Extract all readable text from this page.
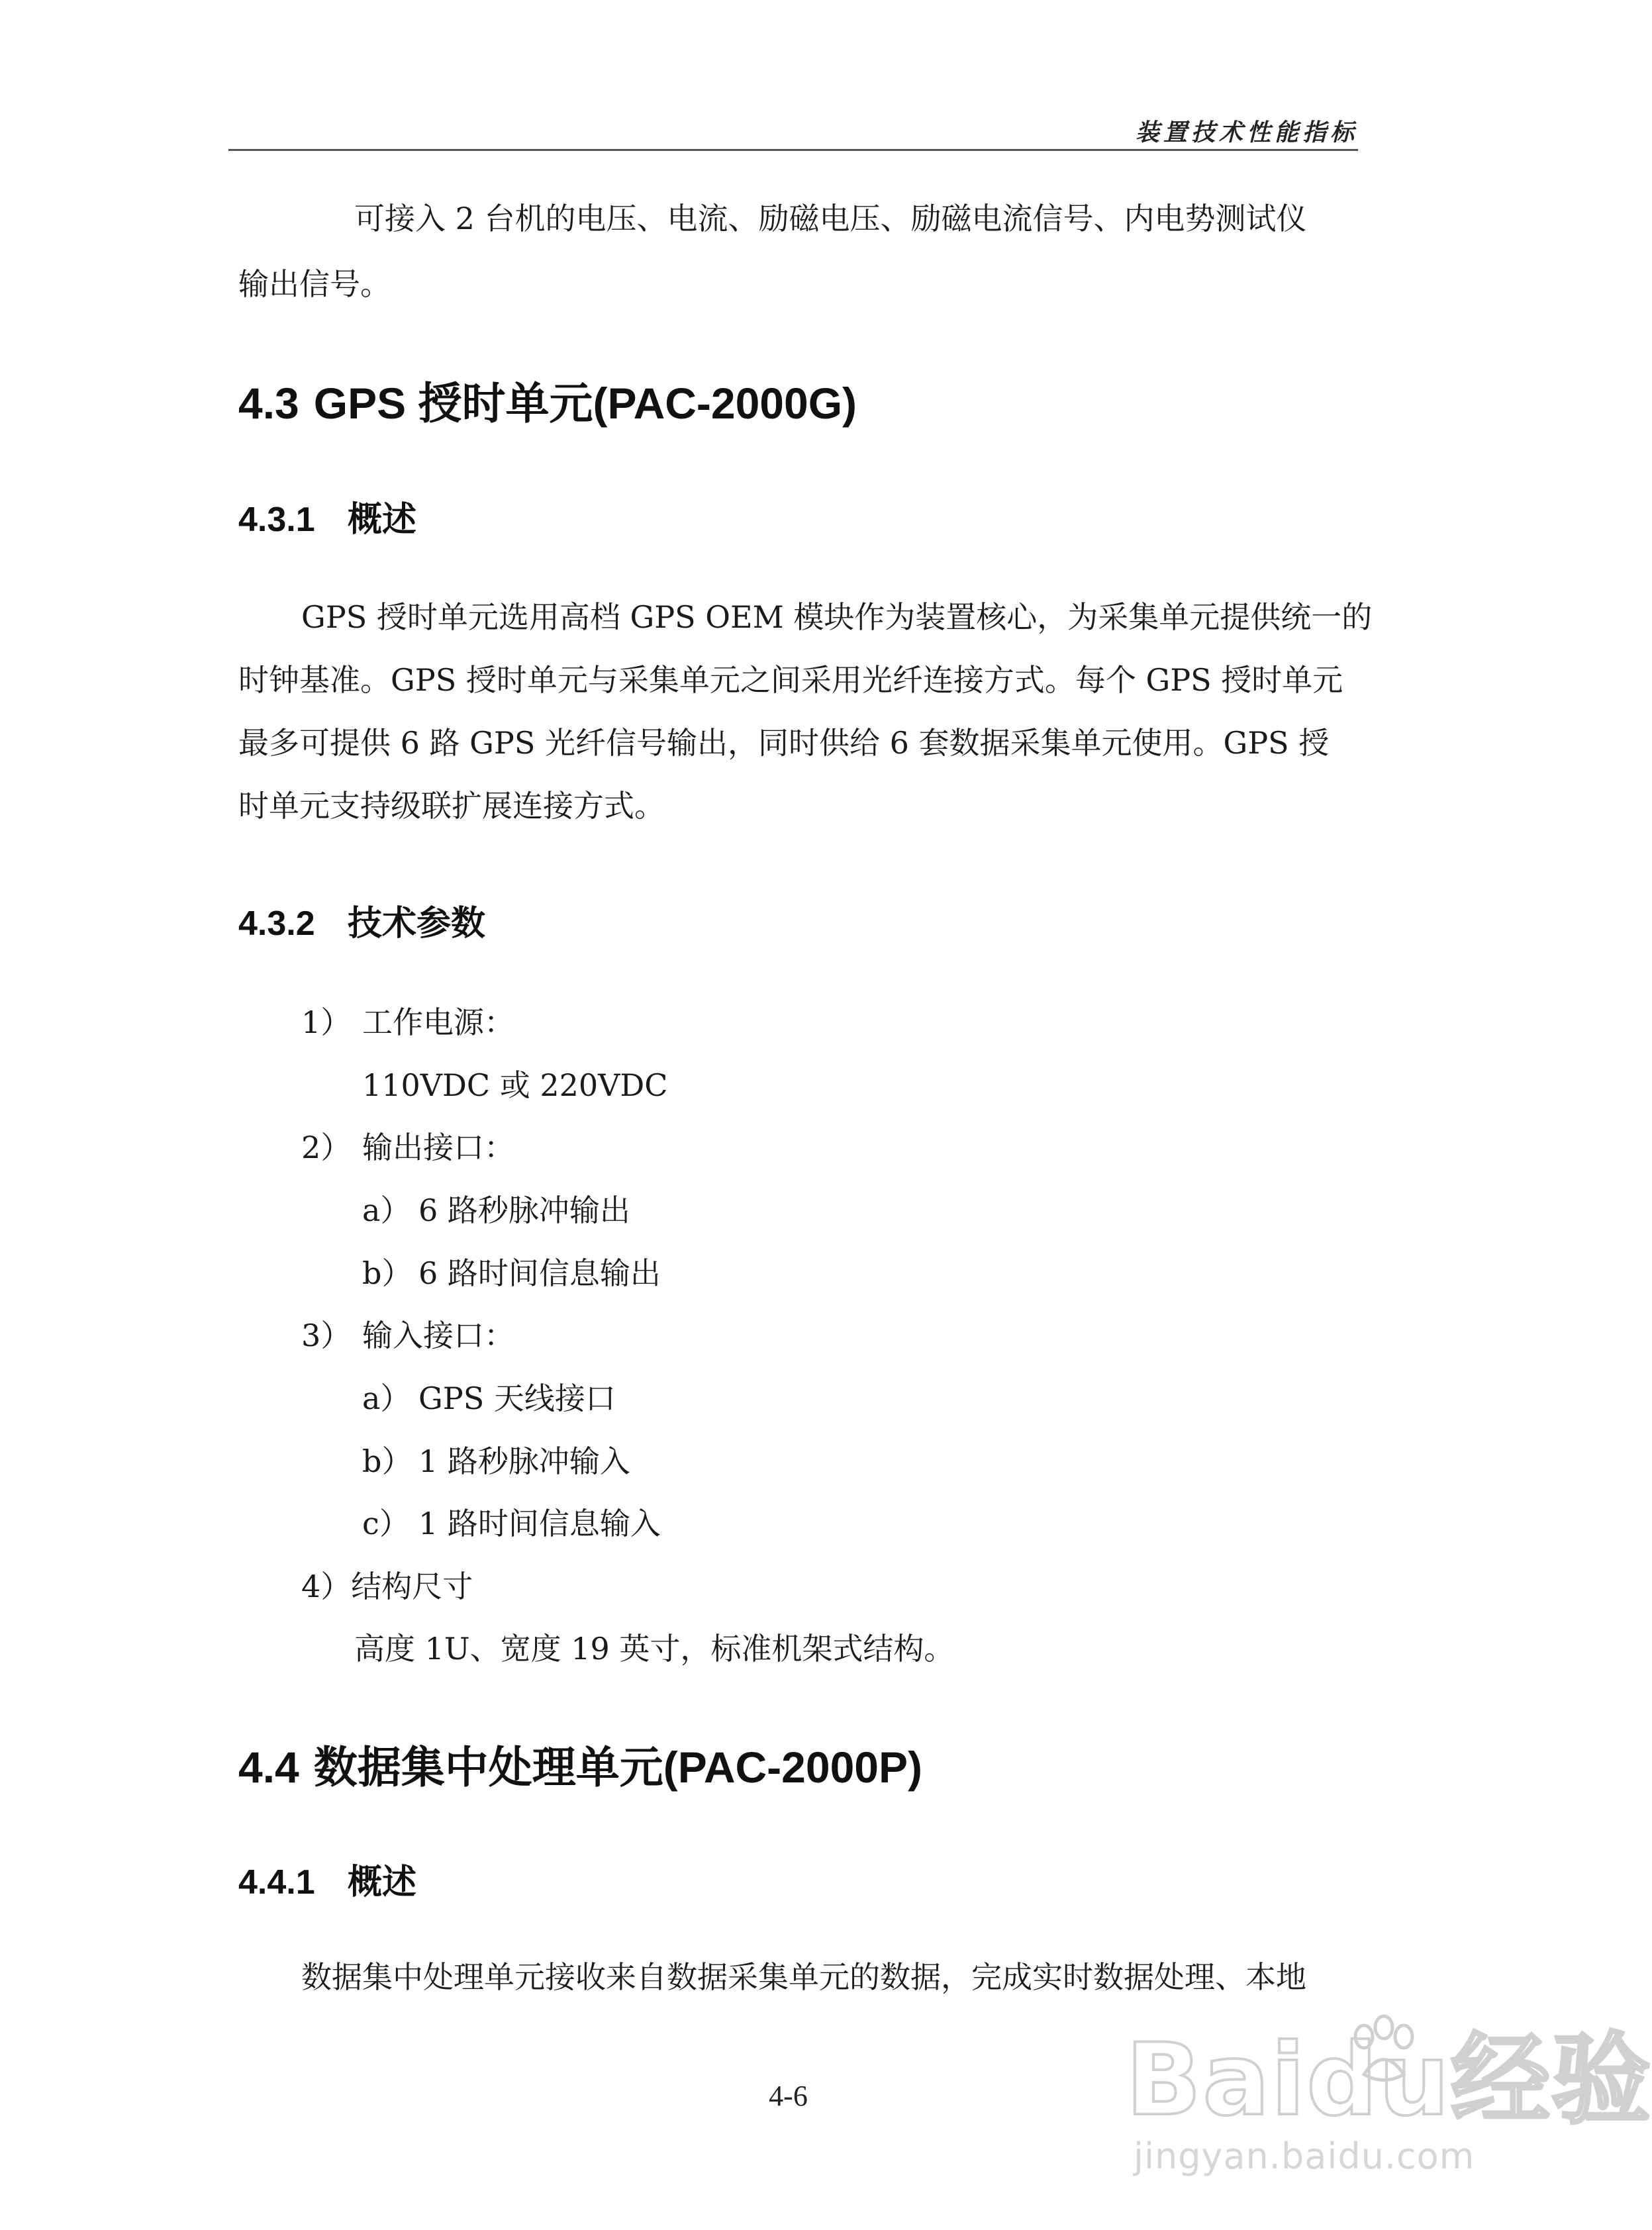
装置技术性能指标

可接入 2 台机的电压、电流、励磁电压、励磁电流信号、内电势测试仪

输出信号。

4.3 GPS 授时单元(PAC-2000G)
4.3.1 概述

GPS 授时单元选用高档 GPS OEM 模块作为装置核心，为采集单元提供统一的

时钟基准。GPS 授时单元与采集单元之间采用光纤连接方式。每个 GPS 授时单元

最多可提供 6 路 GPS 光纤信号输出，同时供给 6 套数据采集单元使用。GPS 授

时单元支持级联扩展连接方式。

4.3.2 技术参数
1） 工作电源：
110VDC 或 220VDC
2） 输出接口：
a） 6 路秒脉冲输出
b） 6 路时间信息输出
3） 输入接口：
a） GPS 天线接口
b） 1 路秒脉冲输入
c） 1 路时间信息输入
4）结构尺寸
高度 1U、宽度 19 英寸，标准机架式结构。
4.4 数据集中处理单元(PAC-2000P)
4.4.1 概述

数据集中处理单元接收来自数据采集单元的数据，完成实时数据处理、本地

4-6	Baidu经验
jingyan.baidu.com
